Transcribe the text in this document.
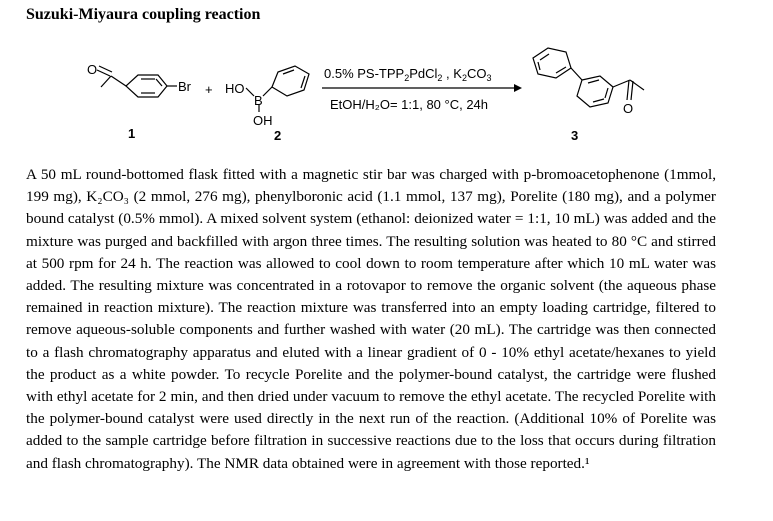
Suzuki-Miyaura coupling reaction
O
Br
1
+ HO
B
OH
2
0.5% $PS-TPP_2PdCl_2$ , $K_2CO_3$
EtOH/H₂O= 1:1, 80 °C, 24h	O
3
A 50 mL round-bottomed flask fitted with a magnetic stir bar was charged with p-bromoacetophenone (1mmol, 199 mg), K₂CO₃ (2 mmol, 276 mg), phenylboronic acid (1.1 mmol, 137 mg), Porelite (180 mg), and a polymer bound catalyst (0.5% mmol). A mixed solvent system (ethanol: deionized water = 1:1, 10 mL) was added and the mixture was purged and backfilled with argon three times. The resulting solution was heated to 80 °C and stirred at 500 rpm for 24 h. The reaction was allowed to cool down to room temperature after which 10 mL water was added. The resulting mixture was concentrated in a rotovapor to remove the organic solvent (the aqueous phase remained in reaction mixture). The reaction mixture was transferred into an empty loading cartridge, filtered to remove aqueous-soluble components and further washed with water (20 mL). The cartridge was then connected to a flash chromatography apparatus and eluted with a linear gradient of 0 - 10% ethyl acetate/hexanes to yield the product as a white powder. To recycle Porelite and the polymer-bound catalyst, the cartridge were flushed with ethyl acetate for 2 min, and then dried under vacuum to remove the ethyl acetate. The recycled Porelite with the polymer-bound catalyst were used directly in the next run of the reaction. (Additional 10% of Porelite was added to the sample cartridge before filtration in successive reactions due to the loss that occurs during filtration and flash chromatography). The NMR data obtained were in agreement with those reported.¹
